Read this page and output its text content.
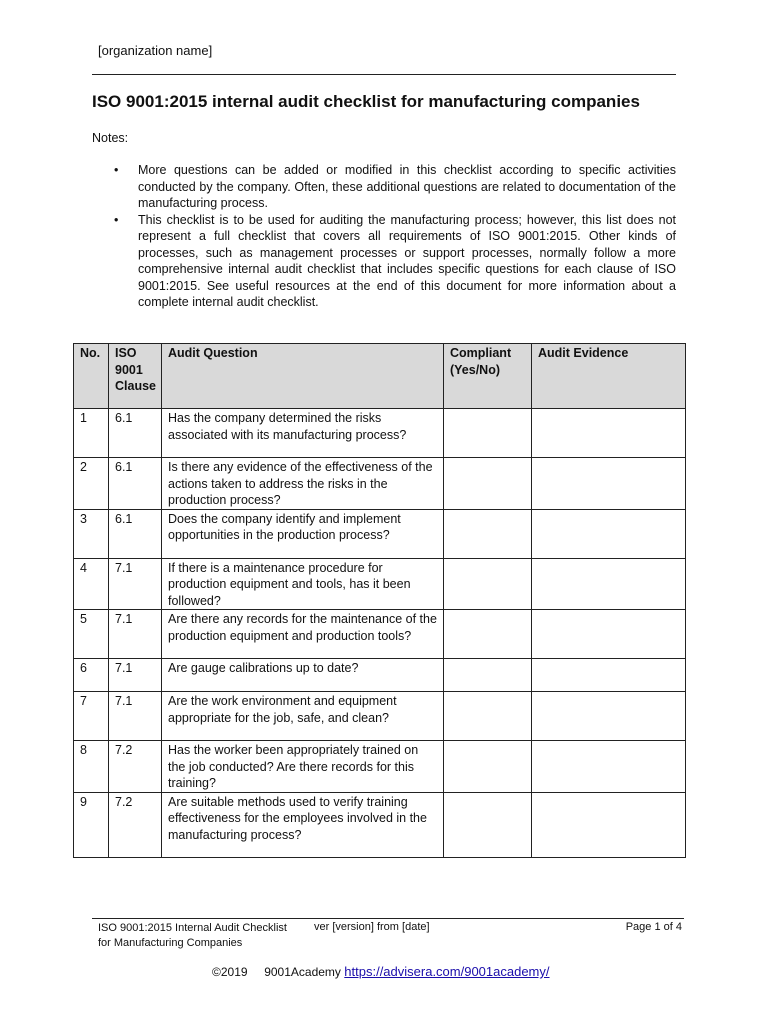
[organization name]
ISO 9001:2015 internal audit checklist for manufacturing companies
Notes:
• More questions can be added or modified in this checklist according to specific activities conducted by the company. Often, these additional questions are related to documentation of the manufacturing process.
• This checklist is to be used for auditing the manufacturing process; however, this list does not represent a full checklist that covers all requirements of ISO 9001:2015. Other kinds of processes, such as management processes or support processes, normally follow a more comprehensive internal audit checklist that includes specific questions for each clause of ISO 9001:2015. See useful resources at the end of this document for more information about a complete internal audit checklist.
No.	ISO 9001 Clause	Audit Question	Compliant (Yes/No)	Audit Evidence
1	6.1	Has the company determined the risks associated with its manufacturing process?		
2	6.1	Is there any evidence of the effectiveness of the actions taken to address the risks in the production process?		
3	6.1	Does the company identify and implement opportunities in the production process?		
4	7.1	If there is a maintenance procedure for production equipment and tools, has it been followed?		
5	7.1	Are there any records for the maintenance of the production equipment and production tools?		
6	7.1	Are gauge calibrations up to date?		
7	7.1	Are the work environment and equipment appropriate for the job, safe, and clean?		
8	7.2	Has the worker been appropriately trained on the job conducted? Are there records for this training?		
9	7.2	Are suitable methods used to verify training effectiveness for the employees involved in the manufacturing process?		
ISO 9001:2015 Internal Audit Checklist
for Manufacturing Companies
ver [version] from [date]	Page 1 of 4
©2019     9001Academy https://advisera.com/9001academy/
